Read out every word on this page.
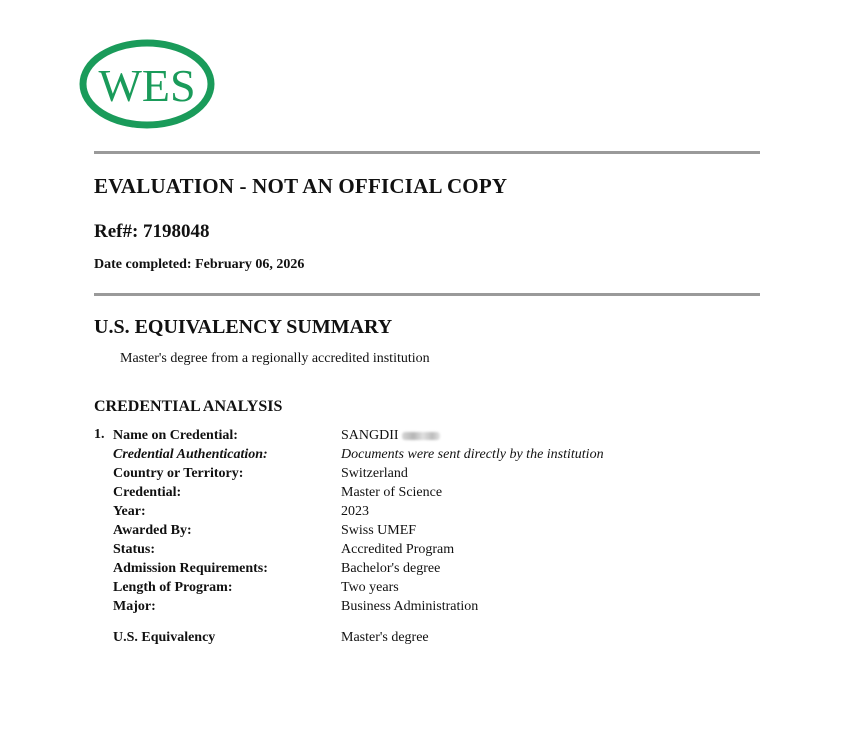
WES
EVALUATION - NOT AN OFFICIAL COPY
Ref#: 7198048
Date completed: February 06, 2026
U.S. EQUIVALENCY SUMMARY
Master's degree from a regionally accredited institution
CREDENTIAL ANALYSIS
1. Name on Credential:	SANGDII
Credential Authentication:	Documents were sent directly by the institution
Country or Territory:	Switzerland
Credential:	Master of Science
Year:	2023
Awarded By:	Swiss UMEF
Status:	Accredited Program
Admission Requirements:	Bachelor's degree
Length of Program:	Two years
Major:	Business Administration
U.S. Equivalency	Master's degree
